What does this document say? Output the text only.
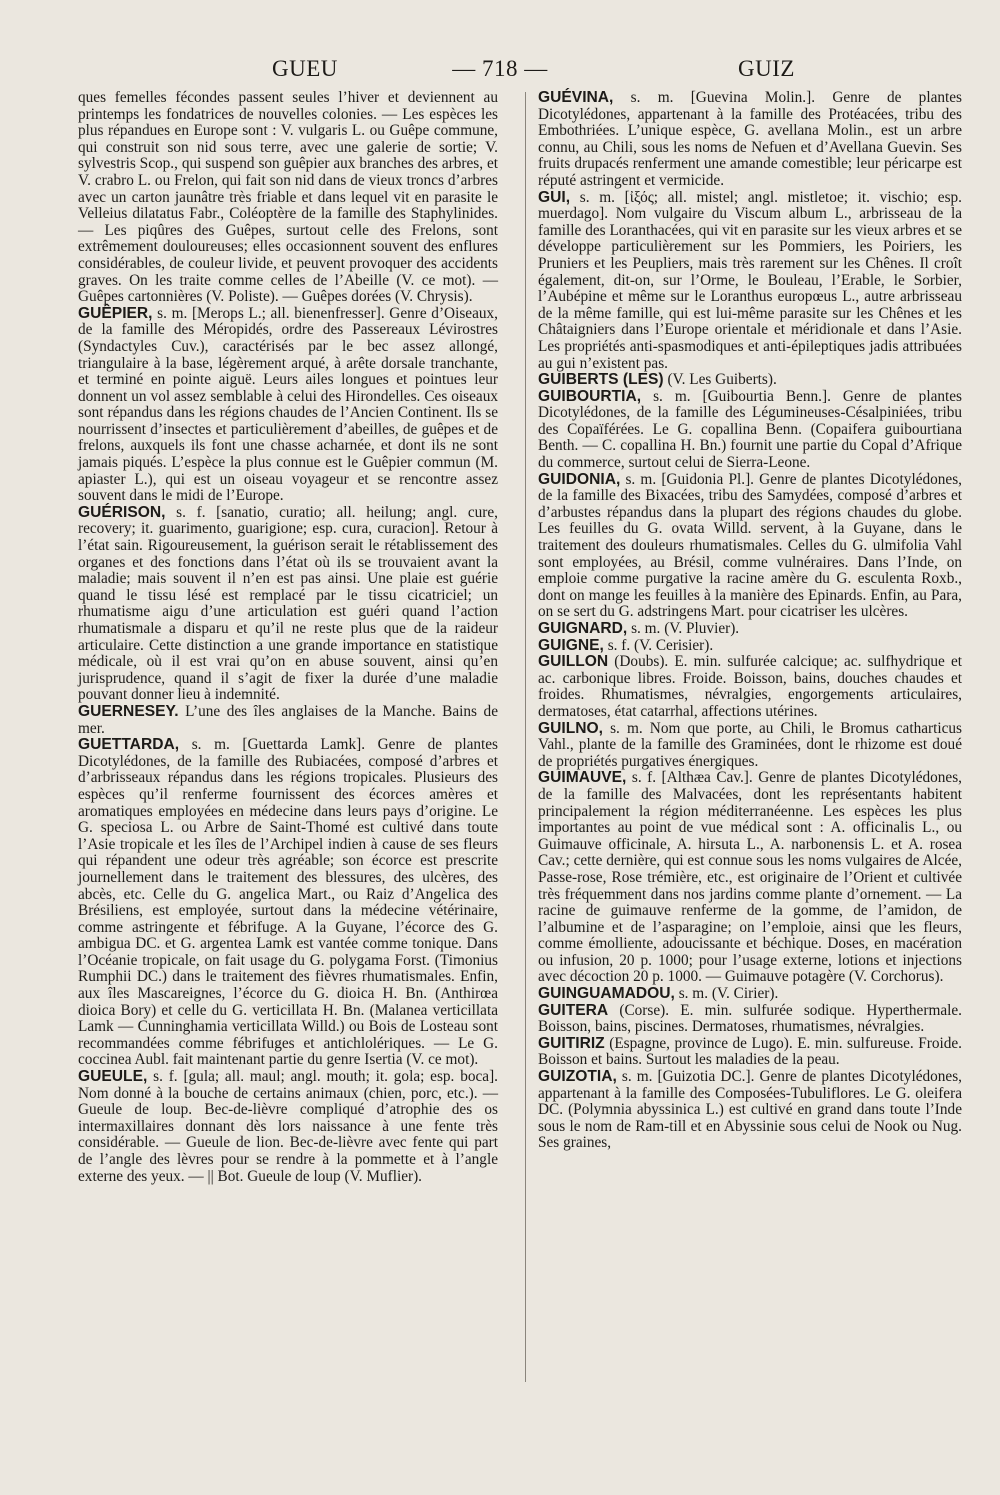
GUEU	— 718 —	GUIZ

ques femelles fécondes passent seules l’hiver et deviennent au printemps les fondatrices de nouvelles colonies. — Les espèces les plus répandues en Europe sont : V. vulgaris L. ou Guêpe commune, qui construit son nid sous terre, avec une galerie de sortie; V. sylvestris Scop., qui suspend son guêpier aux branches des arbres, et V. crabro L. ou Frelon, qui fait son nid dans de vieux troncs d’arbres avec un carton jaunâtre très friable et dans lequel vit en parasite le Velleius dilatatus Fabr., Coléoptère de la famille des Staphylinides. — Les piqûres des Guêpes, surtout celle des Frelons, sont extrêmement douloureuses; elles occasionnent souvent des enflures considérables, de couleur livide, et peuvent provoquer des accidents graves. On les traite comme celles de l’Abeille (V. ce mot). — Guêpes cartonnières (V. Poliste). — Guêpes dorées (V. Chrysis).

GUÊPIER, s. m. [Merops L.; all. bienenfresser]. Genre d’Oiseaux, de la famille des Méropidés, ordre des Passereaux Lévirostres (Syndactyles Cuv.), caractérisés par le bec assez allongé, triangulaire à la base, légèrement arqué, à arête dorsale tranchante, et terminé en pointe aiguë. Leurs ailes longues et pointues leur donnent un vol assez semblable à celui des Hirondelles. Ces oiseaux sont répandus dans les régions chaudes de l’Ancien Continent. Ils se nourrissent d’insectes et particulièrement d’abeilles, de guêpes et de frelons, auxquels ils font une chasse acharnée, et dont ils ne sont jamais piqués. L’espèce la plus connue est le Guêpier commun (M. apiaster L.), qui est un oiseau voyageur et se rencontre assez souvent dans le midi de l’Europe.

GUÉRISON, s. f. [sanatio, curatio; all. heilung; angl. cure, recovery; it. guarimento, guarigione; esp. cura, curacion]. Retour à l’état sain. Rigoureusement, la guérison serait le rétablissement des organes et des fonctions dans l’état où ils se trouvaient avant la maladie; mais souvent il n’en est pas ainsi. Une plaie est guérie quand le tissu lésé est remplacé par le tissu cicatriciel; un rhumatisme aigu d’une articulation est guéri quand l’action rhumatismale a disparu et qu’il ne reste plus que de la raideur articulaire. Cette distinction a une grande importance en statistique médicale, où il est vrai qu’on en abuse souvent, ainsi qu’en jurisprudence, quand il s’agit de fixer la durée d’une maladie pouvant donner lieu à indemnité.

GUERNESEY. L’une des îles anglaises de la Manche. Bains de mer.

GUETTARDA, s. m. [Guettarda Lamk]. Genre de plantes Dicotylédones, de la famille des Rubiacées, composé d’arbres et d’arbrisseaux répandus dans les régions tropicales. Plusieurs des espèces qu’il renferme fournissent des écorces amères et aromatiques employées en médecine dans leurs pays d’origine. Le G. speciosa L. ou Arbre de Saint-Thomé est cultivé dans toute l’Asie tropicale et les îles de l’Archipel indien à cause de ses fleurs qui répandent une odeur très agréable; son écorce est prescrite journellement dans le traitement des blessures, des ulcères, des abcès, etc. Celle du G. angelica Mart., ou Raiz d’Angelica des Brésiliens, est employée, surtout dans la médecine vétérinaire, comme astringente et fébrifuge. A la Guyane, l’écorce des G. ambigua DC. et G. argentea Lamk est vantée comme tonique. Dans l’Océanie tropicale, on fait usage du G. polygama Forst. (Timonius Rumphii DC.) dans le traitement des fièvres rhumatismales. Enfin, aux îles Mascareignes, l’écorce du G. dioica H. Bn. (Anthirœa dioica Bory) et celle du G. verticillata H. Bn. (Malanea verticillata Lamk — Cunninghamia verticillata Willd.) ou Bois de Losteau sont recommandées comme fébrifuges et antichlolériques. — Le G. coccinea Aubl. fait maintenant partie du genre Isertia (V. ce mot).

GUEULE, s. f. [gula; all. maul; angl. mouth; it. gola; esp. boca]. Nom donné à la bouche de certains animaux (chien, porc, etc.). — Gueule de loup. Bec-de-lièvre compliqué d’atrophie des os intermaxillaires donnant dès lors naissance à une fente très considérable. — Gueule de lion. Bec-de-lièvre avec fente qui part de l’angle des lèvres pour se rendre à la pommette et à l’angle externe des yeux. — || Bot. Gueule de loup (V. Muflier).

GUÉVINA, s. m. [Guevina Molin.]. Genre de plantes Dicotylédones, appartenant à la famille des Protéacées, tribu des Embothriées. L’unique espèce, G. avellana Molin., est un arbre connu, au Chili, sous les noms de Nefuen et d’Avellana Guevin. Ses fruits drupacés renferment une amande comestible; leur péricarpe est réputé astringent et vermicide.

GUI, s. m. [ἰξός; all. mistel; angl. mistletoe; it. vischio; esp. muerdago]. Nom vulgaire du Viscum album L., arbrisseau de la famille des Loranthacées, qui vit en parasite sur les vieux arbres et se développe particulièrement sur les Pommiers, les Poiriers, les Pruniers et les Peupliers, mais très rarement sur les Chênes. Il croît également, dit-on, sur l’Orme, le Bouleau, l’Erable, le Sorbier, l’Aubépine et même sur le Loranthus europœus L., autre arbrisseau de la même famille, qui est lui-même parasite sur les Chênes et les Châtaigniers dans l’Europe orientale et méridionale et dans l’Asie. Les propriétés anti-spasmodiques et anti-épileptiques jadis attribuées au gui n’existent pas.

GUIBERTS (LES) (V. Les Guiberts).

GUIBOURTIA, s. m. [Guibourtia Benn.]. Genre de plantes Dicotylédones, de la famille des Légumineuses-Césalpiniées, tribu des Copaïférées. Le G. copallina Benn. (Copaifera guibourtiana Benth. — C. copallina H. Bn.) fournit une partie du Copal d’Afrique du commerce, surtout celui de Sierra-Leone.

GUIDONIA, s. m. [Guidonia Pl.]. Genre de plantes Dicotylédones, de la famille des Bixacées, tribu des Samydées, composé d’arbres et d’arbustes répandus dans la plupart des régions chaudes du globe. Les feuilles du G. ovata Willd. servent, à la Guyane, dans le traitement des douleurs rhumatismales. Celles du G. ulmifolia Vahl sont employées, au Brésil, comme vulnéraires. Dans l’Inde, on emploie comme purgative la racine amère du G. esculenta Roxb., dont on mange les feuilles à la manière des Epinards. Enfin, au Para, on se sert du G. adstringens Mart. pour cicatriser les ulcères.

GUIGNARD, s. m. (V. Pluvier).

GUIGNE, s. f. (V. Cerisier).

GUILLON (Doubs). E. min. sulfurée calcique; ac. sulfhydrique et ac. carbonique libres. Froide. Boisson, bains, douches chaudes et froides. Rhumatismes, névralgies, engorgements articulaires, dermatoses, état catarrhal, affections utérines.

GUILNO, s. m. Nom que porte, au Chili, le Bromus catharticus Vahl., plante de la famille des Graminées, dont le rhizome est doué de propriétés purgatives énergiques.

GUIMAUVE, s. f. [Althæa Cav.]. Genre de plantes Dicotylédones, de la famille des Malvacées, dont les représentants habitent principalement la région méditerranéenne. Les espèces les plus importantes au point de vue médical sont : A. officinalis L., ou Guimauve officinale, A. hirsuta L., A. narbonensis L. et A. rosea Cav.; cette dernière, qui est connue sous les noms vulgaires de Alcée, Passe-rose, Rose trémière, etc., est originaire de l’Orient et cultivée très fréquemment dans nos jardins comme plante d’ornement. — La racine de guimauve renferme de la gomme, de l’amidon, de l’albumine et de l’asparagine; on l’emploie, ainsi que les fleurs, comme émolliente, adoucissante et béchique. Doses, en macération ou infusion, 20 p. 1000; pour l’usage externe, lotions et injections avec décoction 20 p. 1000. — Guimauve potagère (V. Corchorus).

GUINGUAMADOU, s. m. (V. Cirier).

GUITERA (Corse). E. min. sulfurée sodique. Hyperthermale. Boisson, bains, piscines. Dermatoses, rhumatismes, névralgies.

GUITIRIZ (Espagne, province de Lugo). E. min. sulfureuse. Froide. Boisson et bains. Surtout les maladies de la peau.

GUIZOTIA, s. m. [Guizotia DC.]. Genre de plantes Dicotylédones, appartenant à la famille des Composées-Tubuliflores. Le G. oleifera DC. (Polymnia abyssinica L.) est cultivé en grand dans toute l’Inde sous le nom de Ram-till et en Abyssinie sous celui de Nook ou Nug. Ses graines,
